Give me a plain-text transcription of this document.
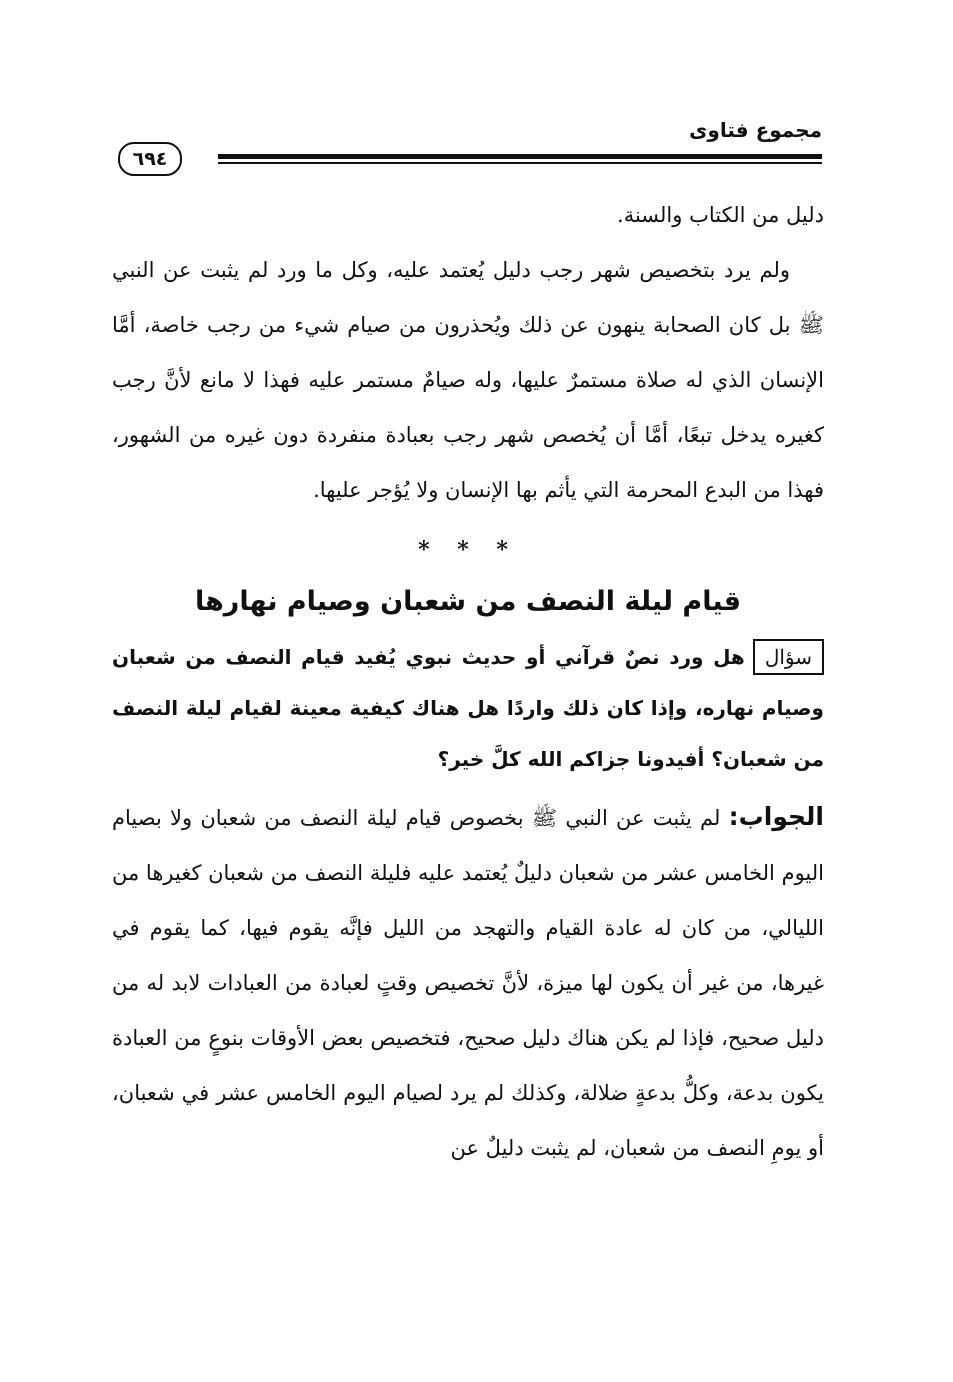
مجموع فتاوى
٦٩٤

دليل من الكتاب والسنة.

ولم يرد بتخصيص شهر رجب دليل يُعتمد عليه، وكل ما ورد لم يثبت عن النبي ﷺ بل كان الصحابة ينهون عن ذلك ويُحذرون من صيام شيء من رجب خاصة، أمَّا الإنسان الذي له صلاة مستمرٌ عليها، وله صيامٌ مستمر عليه فهذا لا مانع لأنَّ رجب كغيره يدخل تبعًا، أمَّا أن يُخصص شهر رجب بعبادة منفردة دون غيره من الشهور، فهذا من البدع المحرمة التي يأثم بها الإنسان ولا يُؤجر عليها.

* * *
قيام ليلة النصف من شعبان وصيام نهارها

سؤالهل ورد نصٌ قرآني أو حديث نبوي يُفيد قيام النصف من شعبان وصيام نهاره، وإذا كان ذلك واردًا هل هناك كيفية معينة لقيام ليلة النصف من شعبان؟ أفيدونا جزاكم الله كلَّ خير؟

الجواب: لم يثبت عن النبي ﷺ بخصوص قيام ليلة النصف من شعبان ولا بصيام اليوم الخامس عشر من شعبان دليلٌ يُعتمد عليه فليلة النصف من شعبان كغيرها من الليالي، من كان له عادة القيام والتهجد من الليل فإنَّه يقوم فيها، كما يقوم في غيرها، من غير أن يكون لها ميزة، لأنَّ تخصيص وقتٍ لعبادة من العبادات لابد له من دليل صحيح، فإذا لم يكن هناك دليل صحيح، فتخصيص بعض الأوقات بنوعٍ من العبادة يكون بدعة، وكلُّ بدعةٍ ضلالة، وكذلك لم يرد لصيام اليوم الخامس عشر في شعبان، أو يومِ النصف من شعبان، لم يثبت دليلٌ عن
